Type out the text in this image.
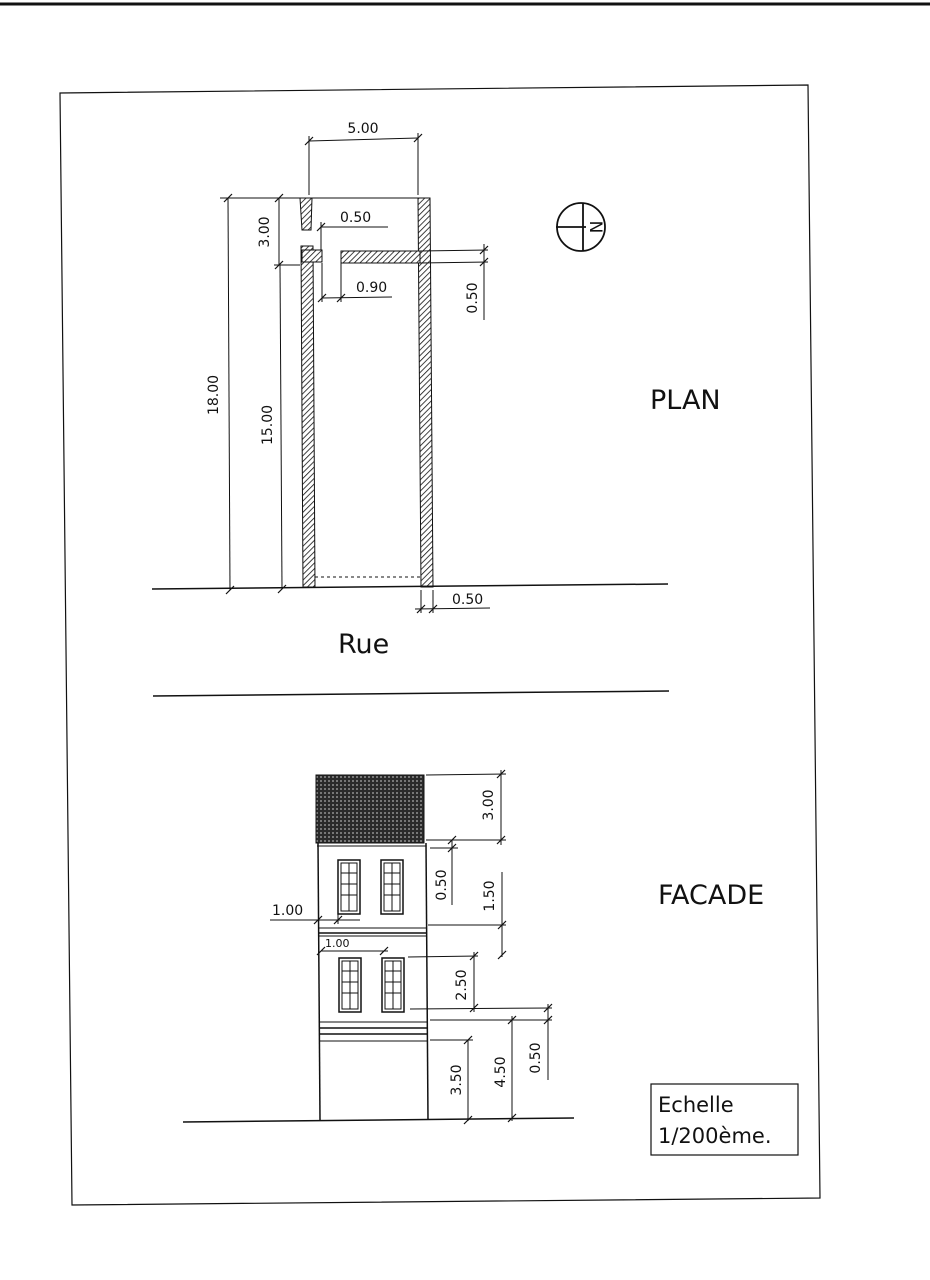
5.00
18.00
3.00
15.00
0.50
0.90	0.50
0.50
N
PLAN
Rue
3.00
0.50 1.50
1.00
1.00
2.50
0.50
4.50
3.50
FACADE
Echelle
1/200ème.
